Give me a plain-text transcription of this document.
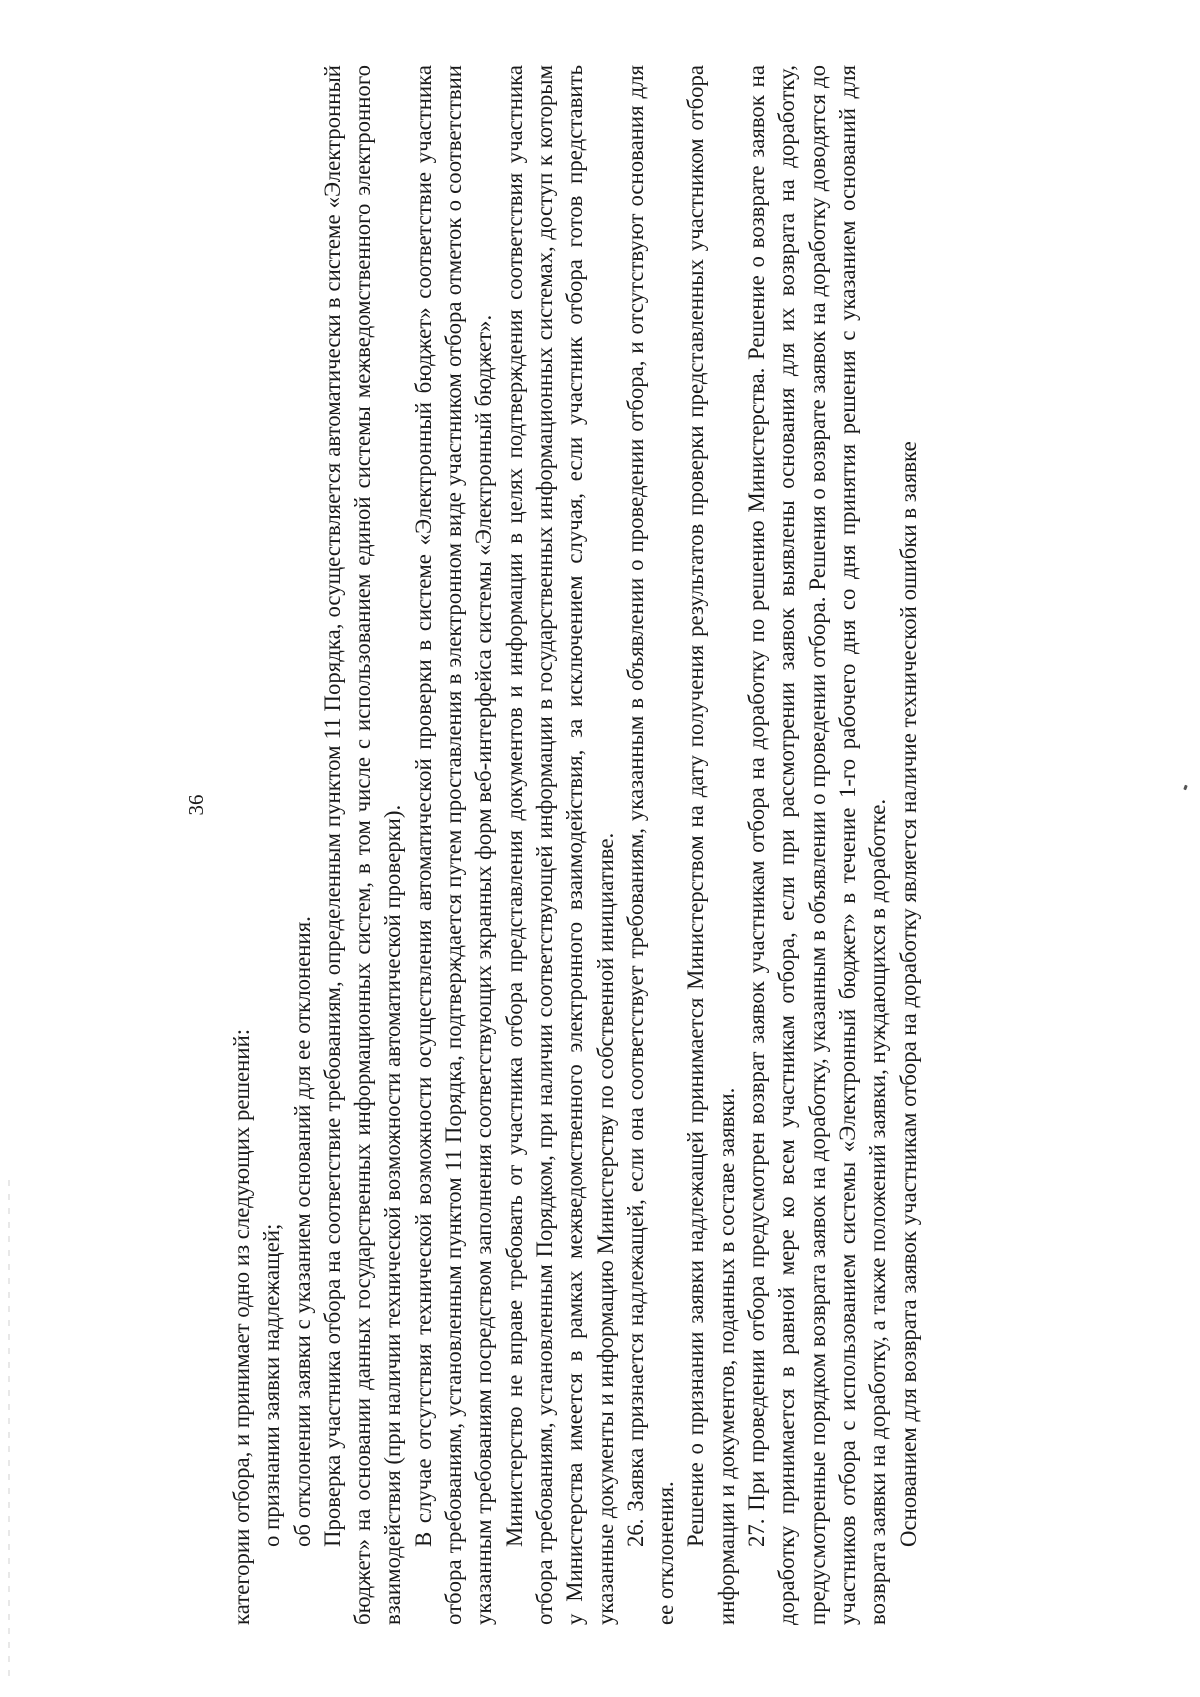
36

категории отбора, и принимает одно из следующих решений: о признании заявки надлежащей; об отклонении заявки с указанием оснований для ее отклонения. Проверка участника отбора на соответствие требованиям, определенным пунктом 11 Порядка, осуществляется автоматически в системе «Электронный бюджет» на основании данных государственных информационных систем, в том числе с использованием единой системы межведомственного электронного взаимодействия (при наличии технической возможности автоматической проверки). В случае отсутствия технической возможности осуществления автоматической проверки в системе «Электронный бюджет» соответствие участника отбора требованиям, установленным пунктом 11 Порядка, подтверждается путем проставления в электронном виде участником отбора отметок о соответствии указанным требованиям посредством заполнения соответствующих экранных форм веб-интерфейса системы «Электронный бюджет». Министерство не вправе требовать от участника отбора представления документов и информации в целях подтверждения соответствия участника отбора требованиям, установленным Порядком, при наличии соответствующей информации в государственных информационных системах, доступ к которым у Министерства имеется в рамках межведомственного электронного взаимодействия, за исключением случая, если участник отбора готов представить указанные документы и информацию Министерству по собственной инициативе. 26. Заявка признается надлежащей, если она соответствует требованиям, указанным в объявлении о проведении отбора, и отсутствуют основания для ее отклонения.

Решение о признании заявки надлежащей принимается Министерством на дату получения результатов проверки представленных участником отбора информации и документов, поданных в составе заявки. 27. При проведении отбора предусмотрен возврат заявок участникам отбора на доработку по решению Министерства. Решение о возврате заявок на доработку принимается в равной мере ко всем участникам отбора, если при рассмотрении заявок выявлены основания для их возврата на доработку, предусмотренные порядком возврата заявок на доработку, указанным в объявлении о проведении отбора. Решения о возврате заявок на доработку доводятся до участников отбора с использованием системы «Электронный бюджет» в течение 1-го рабочего дня со дня принятия решения с указанием оснований для возврата заявки на доработку, а также положений заявки, нуждающихся в доработке. Основанием для возврата заявок участникам отбора на доработку является наличие технической ошибки в заявке
